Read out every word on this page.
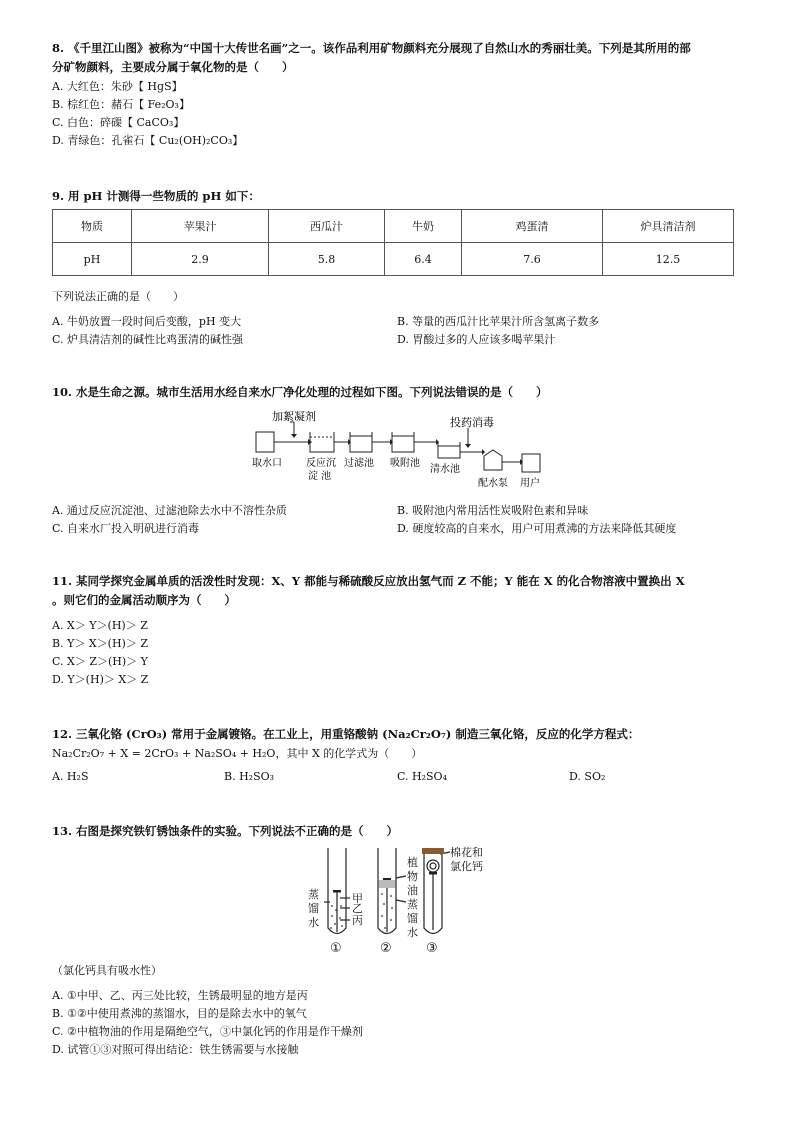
8. 《千里江山图》被称为“中国十大传世名画”之一。该作品利用矿物颜料充分展现了自然山水的秀丽壮美。下列是其所用的部
分矿物颜料，主要成分属于氧化物的是（　　）
A. 大红色：朱砂【 HgS】
B. 棕红色：赭石【 Fe₂O₃】
C. 白色：碎磲【 CaCO₃】
D. 青绿色：孔雀石【 Cu₂(OH)₂CO₃】
9. 用 pH 计测得一些物质的 pH 如下：
物质	苹果汁	西瓜汁	牛奶	鸡蛋清	炉具清洁剂
pH	2.9	5.8	6.4	7.6	12.5
下列说法正确的是（　　）
A. 牛奶放置一段时间后变酸，pH 变大	B. 等量的西瓜汁比苹果汁所含氢离子数多
C. 炉具清洁剂的碱性比鸡蛋清的碱性强	D. 胃酸过多的人应该多喝苹果汁
10. 水是生命之源。城市生活用水经自来水厂净化处理的过程如下图。下列说法错误的是（　　）
加絮凝剂	投药消毒
取水口 反应沉
淀 池
过滤池 吸附池
清水池
配水泵 用户
A. 通过反应沉淀池、过滤池除去水中不溶性杂质	B. 吸附池内常用活性炭吸附色素和异味
C. 自来水厂投入明矾进行消毒	D. 硬度较高的自来水，用户可用煮沸的方法来降低其硬度
11. 某同学探究金属单质的活泼性时发现：X、Y 都能与稀硫酸反应放出氢气而 Z 不能；Y 能在 X 的化合物溶液中置换出 X
。则它们的金属活动顺序为（　　）
A. X＞ Y＞(H)＞ Z
B. Y＞ X＞(H)＞ Z
C. X＞ Z＞(H)＞ Y
D. Y＞(H)＞ X＞ Z
12. 三氧化铬 (CrO₃) 常用于金属镀铬。在工业上，用重铬酸钠 (Na₂Cr₂O₇) 制造三氧化铬，反应的化学方程式：
Na₂Cr₂O₇ + X = 2CrO₃ + Na₂SO₄ + H₂O，其中 X 的化学式为（　　）
A. H₂S	B. H₂SO₃	C. H₂SO₄	D. SO₂
13. 右图是探究铁钉锈蚀条件的实验。下列说法不正确的是（　　）
蒸
馏
水
甲
乙
丙
植
物
油
蒸
馏
水
棉花和
氯化钙
①	②	③
（氯化钙具有吸水性）
A. ①中甲、乙、丙三处比较，生锈最明显的地方是丙
B. ①②中使用煮沸的蒸馏水，目的是除去水中的氧气
C. ②中植物油的作用是隔绝空气，③中氯化钙的作用是作干燥剂
D. 试管①③对照可得出结论：铁生锈需要与水接触
